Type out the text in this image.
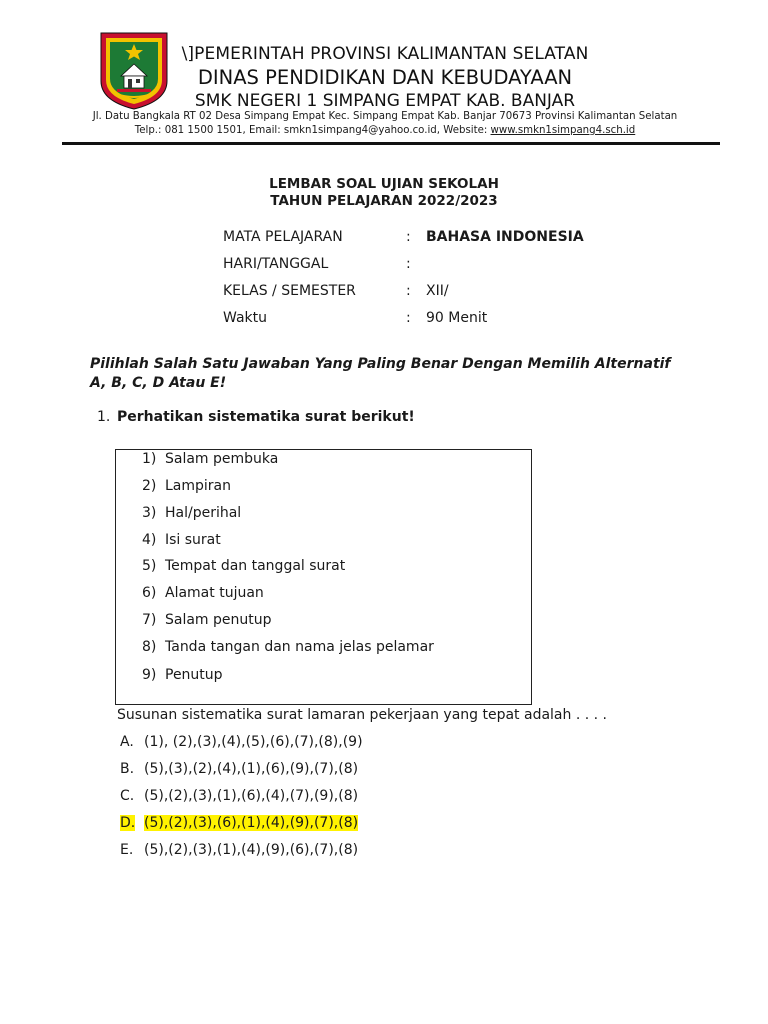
\]PEMERINTAH PROVINSI KALIMANTAN SELATAN
DINAS PENDIDIKAN DAN KEBUDAYAAN
SMK NEGERI 1 SIMPANG EMPAT KAB. BANJAR
Jl. Datu Bangkala RT 02 Desa Simpang Empat Kec. Simpang Empat Kab. Banjar 70673 Provinsi Kalimantan Selatan
Telp.: 081 1500 1501, Email: smkn1simpang4@yahoo.co.id, Website: www.smkn1simpang4.sch.id
LEMBAR SOAL UJIAN SEKOLAH
TAHUN PELAJARAN 2022/2023
MATA PELAJARAN	: BAHASA INDONESIA
HARI/TANGGAL	:
KELAS / SEMESTER	: XII/
Waktu	: 90 Menit
Pilihlah Salah Satu Jawaban Yang Paling Benar Dengan Memilih Alternatif A, B, C, D Atau E!
1. Perhatikan sistematika surat berikut!
1) Salam pembuka
2) Lampiran
3) Hal/perihal
4) Isi surat
5) Tempat dan tanggal surat
6) Alamat tujuan
7) Salam penutup
8) Tanda tangan dan nama jelas pelamar
9) Penutup
Susunan sistematika surat lamaran pekerjaan yang tepat adalah . . . .
A. (1), (2),(3),(4),(5),(6),(7),(8),(9)
B. (5),(3),(2),(4),(1),(6),(9),(7),(8)
C. (5),(2),(3),(1),(6),(4),(7),(9),(8)
D. (5),(2),(3),(6),(1),(4),(9),(7),(8)
E. (5),(2),(3),(1),(4),(9),(6),(7),(8)
